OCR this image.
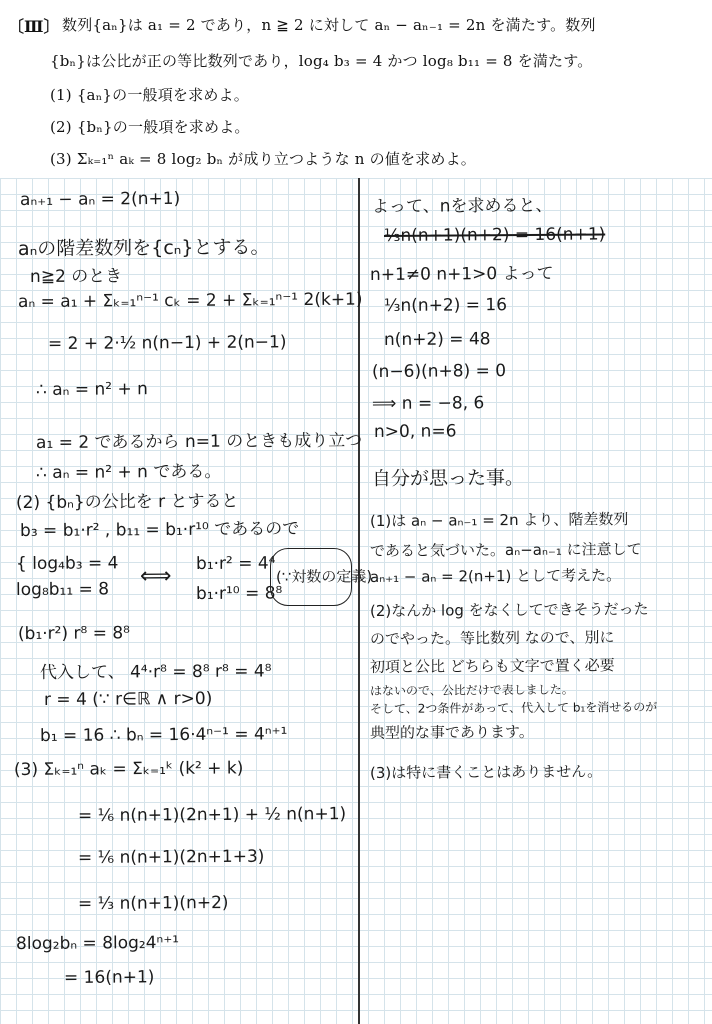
〔Ⅲ〕 数列{aₙ}は a₁ = 2 であり，n ≧ 2 に対して aₙ − aₙ₋₁ = 2n を満たす。数列
{bₙ}は公比が正の等比数列であり，log₄ b₃ = 4 かつ log₈ b₁₁ = 8 を満たす。
(1) {aₙ}の一般項を求めよ。
(2) {bₙ}の一般項を求めよ。
(3) Σₖ₌₁ⁿ aₖ = 8 log₂ bₙ が成り立つような n の値を求めよ。
aₙ₊₁ − aₙ = 2(n+1)
aₙの階差数列を{cₙ}とする。
n≧2 のとき
aₙ = a₁ + Σₖ₌₁ⁿ⁻¹ cₖ = 2 + Σₖ₌₁ⁿ⁻¹ 2(k+1)
= 2 + 2·½ n(n−1) + 2(n−1)
∴ aₙ = n² + n
a₁ = 2 であるから n=1 のときも成り立つ
∴ aₙ = n² + n である。
(2) {bₙ}の公比を r とすると
b₃ = b₁·r² , b₁₁ = b₁·r¹⁰ であるので
{ log₄b₃ = 4
log₈b₁₁ = 8
⟺
b₁·r² = 4⁴
b₁·r¹⁰ = 8⁸
(∵対数の定義)
(b₁·r²) r⁸ = 8⁸
代入して、 4⁴·r⁸ = 8⁸ r⁸ = 4⁸
r = 4 (∵ r∈ℝ ∧ r>0)
b₁ = 16 ∴ bₙ = 16·4ⁿ⁻¹ = 4ⁿ⁺¹
(3) Σₖ₌₁ⁿ aₖ = Σₖ₌₁ᵏ (k² + k)
= ⅙ n(n+1)(2n+1) + ½ n(n+1)
= ⅙ n(n+1)(2n+1+3)
= ⅓ n(n+1)(n+2)
8log₂bₙ = 8log₂4ⁿ⁺¹
= 16(n+1)
よって、nを求めると、
⅓n(n+1)(n+2) = 16(n+1)
n+1≠0 n+1>0 よって
⅓n(n+2) = 16
n(n+2) = 48
(n−6)(n+8) = 0
⟹ n = −8, 6
n>0, n=6
自分が思った事。
(1)は aₙ − aₙ₋₁ = 2n より、階差数列
であると気づいた。aₙ−aₙ₋₁ に注意して
aₙ₊₁ − aₙ = 2(n+1) として考えた。
(2)なんか log をなくしてできそうだった
のでやった。等比数列 なので、別に
初項と公比 どちらも文字で置く必要
はないので、公比だけで表しました。
そして、2つ条件があって、代入して b₁を消せるのが
典型的な事であります。
(3)は特に書くことはありません。
